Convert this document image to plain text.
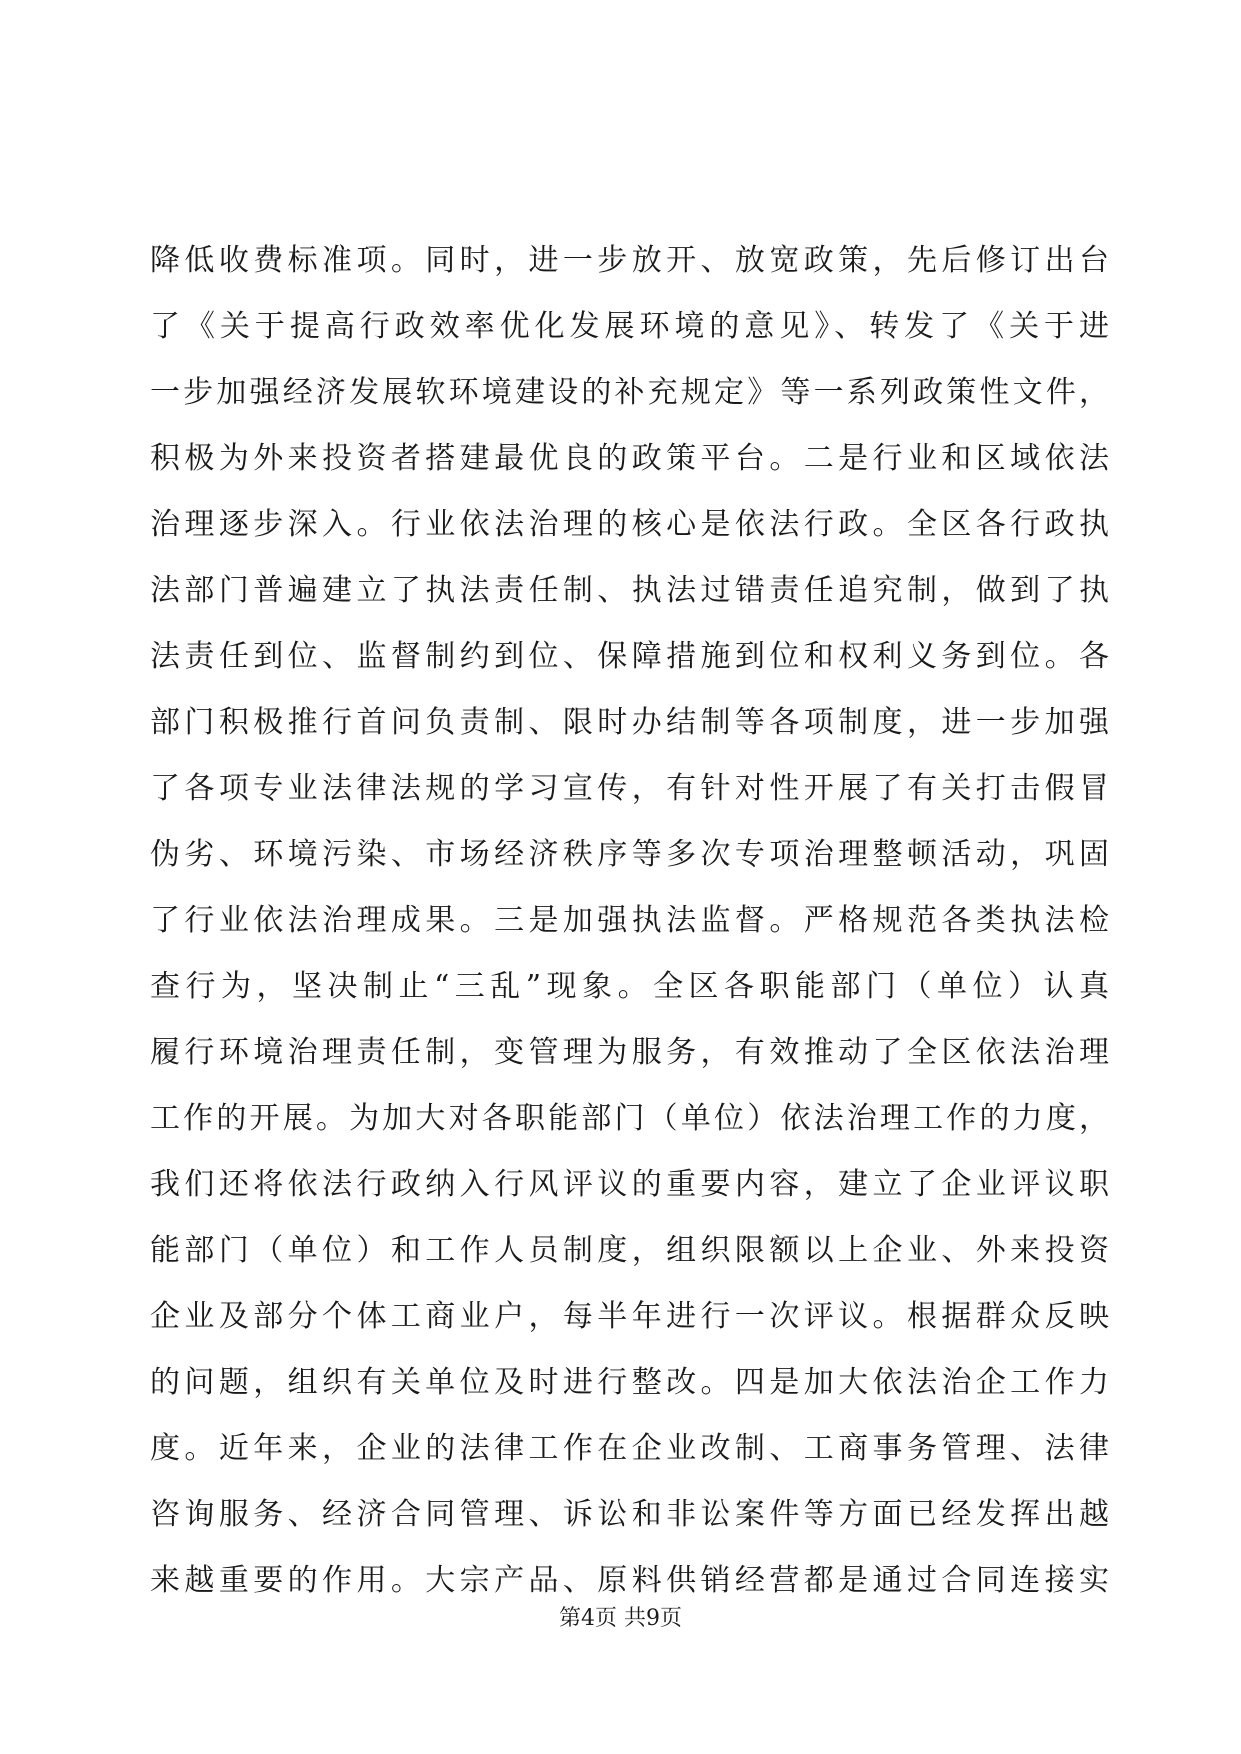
降低收费标准项。同时，进一步放开、放宽政策，先后修订出台
了《关于提高行政效率优化发展环境的意见》、转发了《关于进
一步加强经济发展软环境建设的补充规定》等一系列政策性文件，
积极为外来投资者搭建最优良的政策平台。二是行业和区域依法
治理逐步深入。行业依法治理的核心是依法行政。全区各行政执
法部门普遍建立了执法责任制、执法过错责任追究制，做到了执
法责任到位、监督制约到位、保障措施到位和权利义务到位。各
部门积极推行首问负责制、限时办结制等各项制度，进一步加强
了各项专业法律法规的学习宣传，有针对性开展了有关打击假冒
伪劣、环境污染、市场经济秩序等多次专项治理整顿活动，巩固
了行业依法治理成果。三是加强执法监督。严格规范各类执法检
查行为，坚决制止“三乱”现象。全区各职能部门（单位）认真
履行环境治理责任制，变管理为服务，有效推动了全区依法治理
工作的开展。为加大对各职能部门（单位）依法治理工作的力度，
我们还将依法行政纳入行风评议的重要内容，建立了企业评议职
能部门（单位）和工作人员制度，组织限额以上企业、外来投资
企业及部分个体工商业户，每半年进行一次评议。根据群众反映
的问题，组织有关单位及时进行整改。四是加大依法治企工作力
度。近年来，企业的法律工作在企业改制、工商事务管理、法律
咨询服务、经济合同管理、诉讼和非讼案件等方面已经发挥出越
来越重要的作用。大宗产品、原料供销经营都是通过合同连接实
第4页 共9页
